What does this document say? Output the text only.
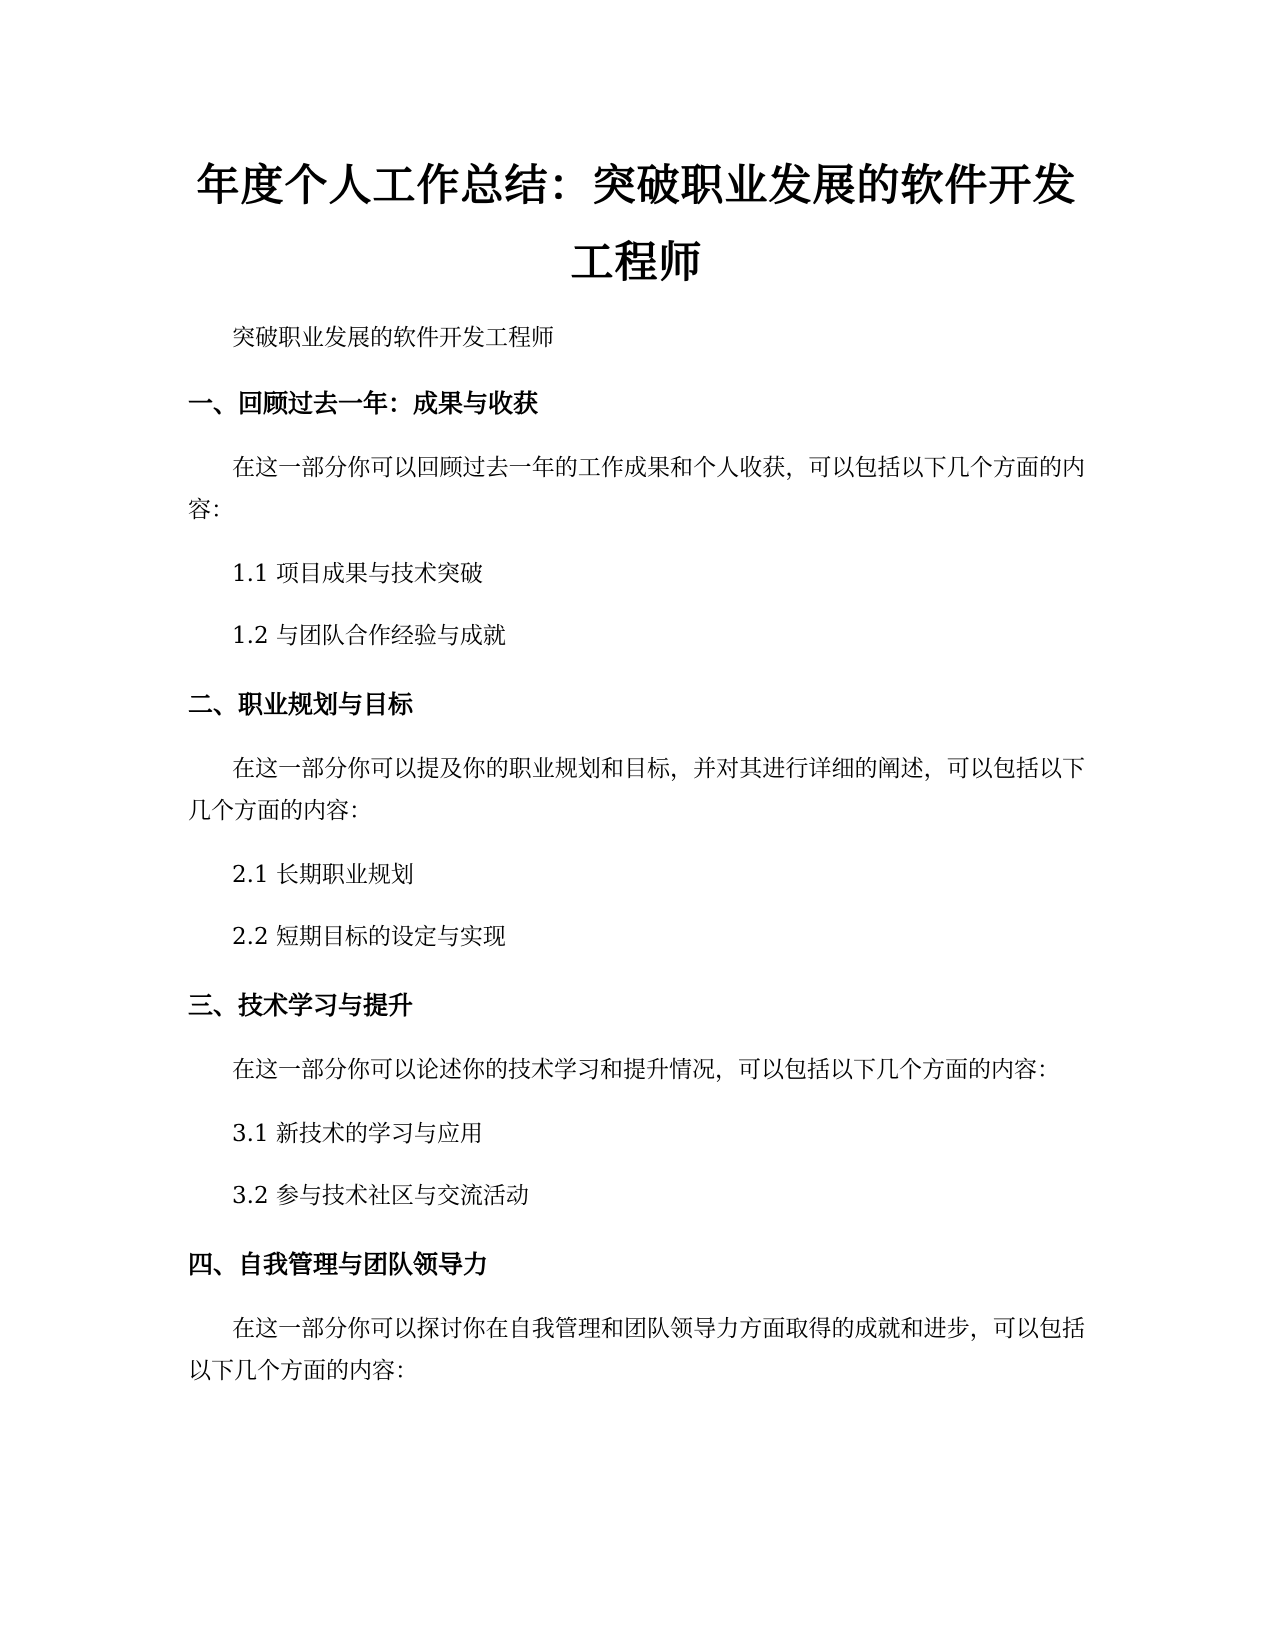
年度个人工作总结：突破职业发展的软件开发工程师

突破职业发展的软件开发工程师

一、回顾过去一年：成果与收获

在这一部分你可以回顾过去一年的工作成果和个人收获，可以包括以下几个方面的内容：

1.1 项目成果与技术突破

1.2 与团队合作经验与成就

二、职业规划与目标

在这一部分你可以提及你的职业规划和目标，并对其进行详细的阐述，可以包括以下几个方面的内容：

2.1 长期职业规划

2.2 短期目标的设定与实现

三、技术学习与提升

在这一部分你可以论述你的技术学习和提升情况，可以包括以下几个方面的内容：

3.1 新技术的学习与应用

3.2 参与技术社区与交流活动

四、自我管理与团队领导力

在这一部分你可以探讨你在自我管理和团队领导力方面取得的成就和进步，可以包括以下几个方面的内容：
